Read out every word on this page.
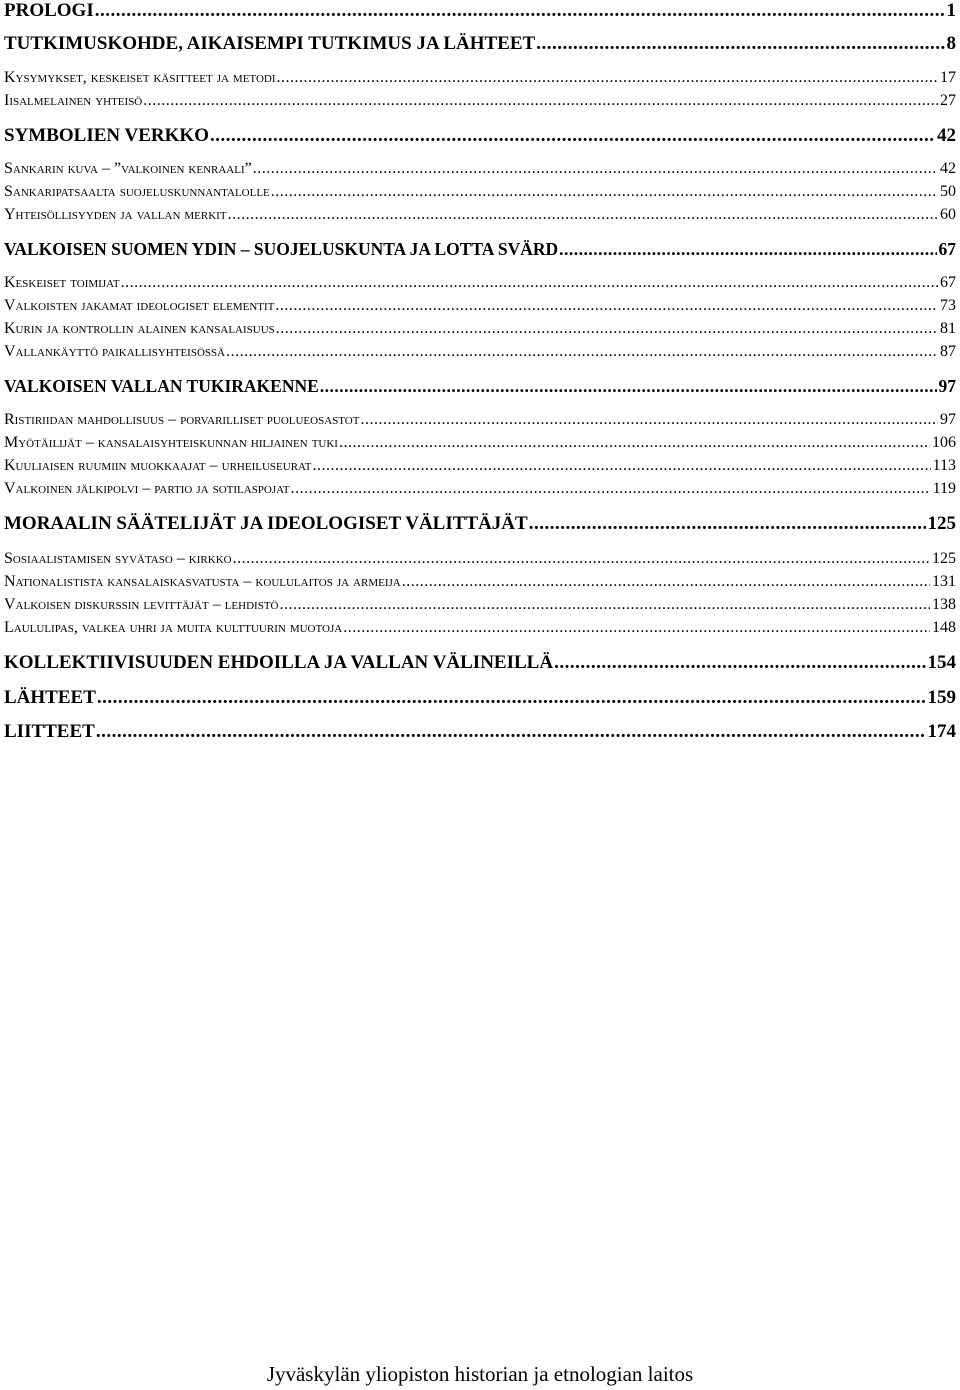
PROLOGI .....	1
TUTKIMUSKOHDE, AIKAISEMPI TUTKIMUS JA LÄHTEET .....	8
Kysymykset, keskeiset käsitteet ja metodi .....	17
Iisalmelainen yhteisö .....	27
SYMBOLIEN VERKKO .....	42
Sankarin kuva – ”valkoinen kenraali” .....	42
Sankaripatsaalta suojeluskunnantalolle .....	50
Yhteisöllisyyden ja vallan merkit .....	60
VALKOISEN SUOMEN YDIN – SUOJELUSKUNTA JA LOTTA SVÄRD .....	67
Keskeiset toimijat .....	67
Valkoisten jakamat ideologiset elementit .....	73
Kurin ja kontrollin alainen kansalaisuus .....	81
Vallankäyttö paikallisyhteisössä .....	87
VALKOISEN VALLAN TUKIRAKENNE .....	97
Ristiriidan mahdollisuus – porvarilliset puolueosastot .....	97
Myötäilijät – kansalaisyhteiskunnan hiljainen tuki .....	106
Kuuliaisen ruumiin muokkaajat – urheiluseurat .....	113
Valkoinen jälkipolvi – partio ja sotilaspojat .....	119
MORAALIN SÄÄTELIJÄT JA IDEOLOGISET VÄLITTÄJÄT .....	125
Sosiaalistamisen syvätaso – kirkko .....	125
Nationalistista kansalaiskasvatusta – koululaitos ja armeija .....	131
Valkoisen diskurssin levittäjät – lehdistö .....	138
Laululipas, valkea uhri ja muita kulttuurin muotoja .....	148
KOLLEKTIIVISUUDEN EHDOILLA JA VALLAN VÄLINEILLÄ .....	154
LÄHTEET .....	159
LIITTEET .....	174
Jyväskylän yliopiston historian ja etnologian laitos
